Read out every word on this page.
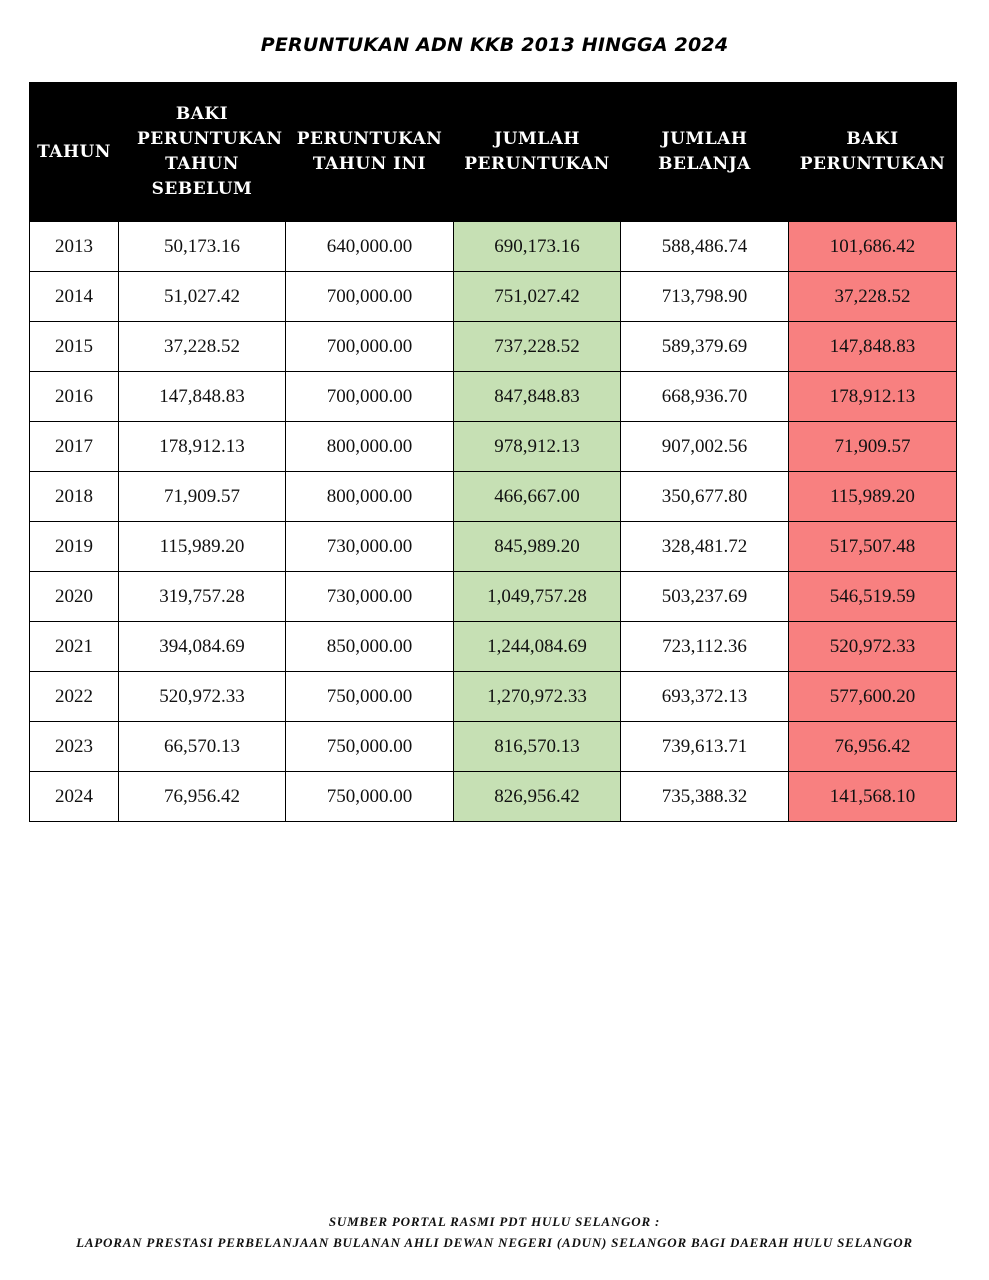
PERUNTUKAN ADN KKB 2013 HINGGA 2024
TAHUN	BAKI PERUNTUKAN TAHUN SEBELUM	PERUNTUKAN TAHUN INI	JUMLAH PERUNTUKAN	JUMLAH BELANJA	BAKI PERUNTUKAN
2013	50,173.16	640,000.00	690,173.16	588,486.74	101,686.42
2014	51,027.42	700,000.00	751,027.42	713,798.90	37,228.52
2015	37,228.52	700,000.00	737,228.52	589,379.69	147,848.83
2016	147,848.83	700,000.00	847,848.83	668,936.70	178,912.13
2017	178,912.13	800,000.00	978,912.13	907,002.56	71,909.57
2018	71,909.57	800,000.00	466,667.00	350,677.80	115,989.20
2019	115,989.20	730,000.00	845,989.20	328,481.72	517,507.48
2020	319,757.28	730,000.00	1,049,757.28	503,237.69	546,519.59
2021	394,084.69	850,000.00	1,244,084.69	723,112.36	520,972.33
2022	520,972.33	750,000.00	1,270,972.33	693,372.13	577,600.20
2023	66,570.13	750,000.00	816,570.13	739,613.71	76,956.42
2024	76,956.42	750,000.00	826,956.42	735,388.32	141,568.10
SUMBER PORTAL RASMI PDT HULU SELANGOR :
LAPORAN PRESTASI PERBELANJAAN BULANAN AHLI DEWAN NEGERI (ADUN) SELANGOR BAGI DAERAH HULU SELANGOR
